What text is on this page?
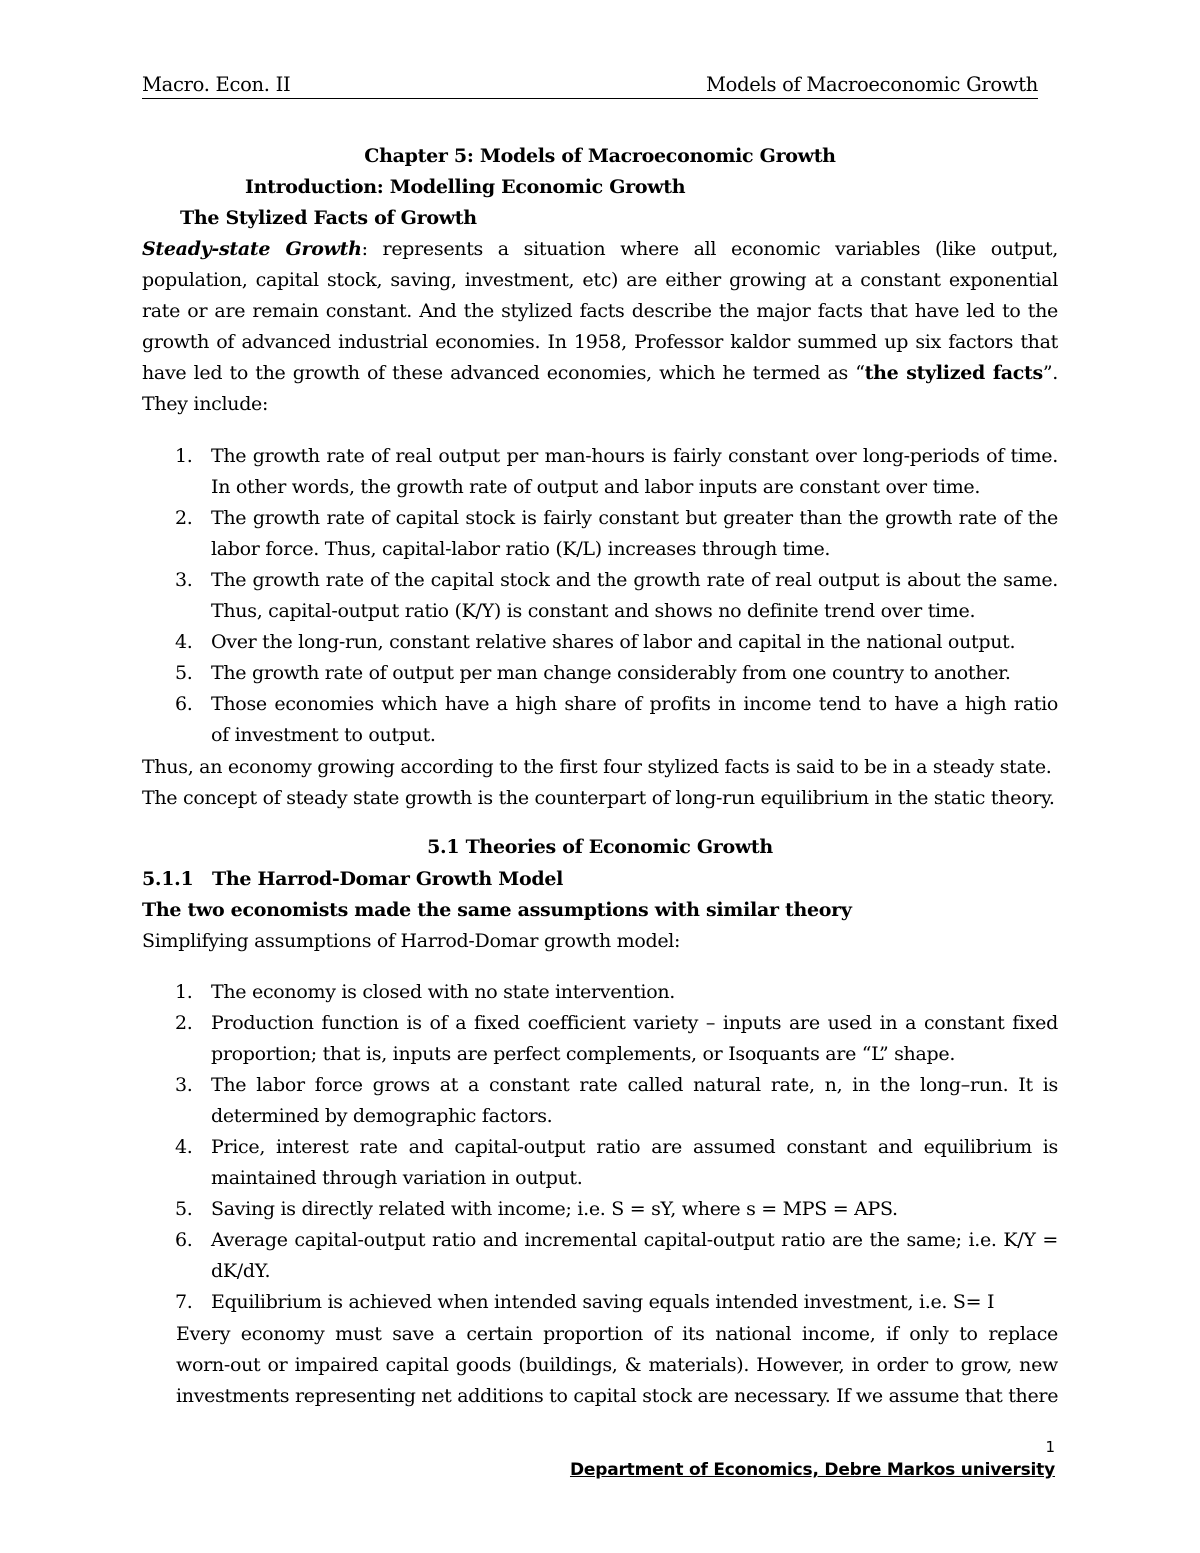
Macro. Econ. II	Models of Macroeconomic Growth
Chapter 5: Models of Macroeconomic Growth
Introduction: Modelling Economic Growth
The Stylized Facts of Growth
Steady-state Growth: represents a situation where all economic variables (like output,
population, capital stock, saving, investment, etc) are either growing at a constant exponential
rate or are remain constant. And the stylized facts describe the major facts that have led to the
growth of advanced industrial economies. In 1958, Professor kaldor summed up six factors that
have led to the growth of these advanced economies, which he termed as “the stylized facts”.
They include:
1. The growth rate of real output per man-hours is fairly constant over long-periods of time.
In other words, the growth rate of output and labor inputs are constant over time.
2. The growth rate of capital stock is fairly constant but greater than the growth rate of the
labor force. Thus, capital-labor ratio (K/L) increases through time.
3. The growth rate of the capital stock and the growth rate of real output is about the same.
Thus, capital-output ratio (K/Y) is constant and shows no definite trend over time.
4. Over the long-run, constant relative shares of labor and capital in the national output.
5. The growth rate of output per man change considerably from one country to another.
6. Those economies which have a high share of profits in income tend to have a high ratio
of investment to output.
Thus, an economy growing according to the first four stylized facts is said to be in a steady state.
The concept of steady state growth is the counterpart of long-run equilibrium in the static theory.
5.1 Theories of Economic Growth
5.1.1 The Harrod-Domar Growth Model
The two economists made the same assumptions with similar theory
Simplifying assumptions of Harrod-Domar growth model:
1. The economy is closed with no state intervention.
2. Production function is of a fixed coefficient variety – inputs are used in a constant fixed
proportion; that is, inputs are perfect complements, or Isoquants are “L” shape.
3. The labor force grows at a constant rate called natural rate, n, in the long–run. It is
determined by demographic factors.
4. Price, interest rate and capital-output ratio are assumed constant and equilibrium is
maintained through variation in output.
5. Saving is directly related with income; i.e. S = sY, where s = MPS = APS.
6. Average capital-output ratio and incremental capital-output ratio are the same; i.e. K/Y =
dK/dY.
7. Equilibrium is achieved when intended saving equals intended investment, i.e. S= I
Every economy must save a certain proportion of its national income, if only to replace
worn-out or impaired capital goods (buildings, & materials). However, in order to grow, new
investments representing net additions to capital stock are necessary. If we assume that there
1
Department of Economics, Debre Markos university
